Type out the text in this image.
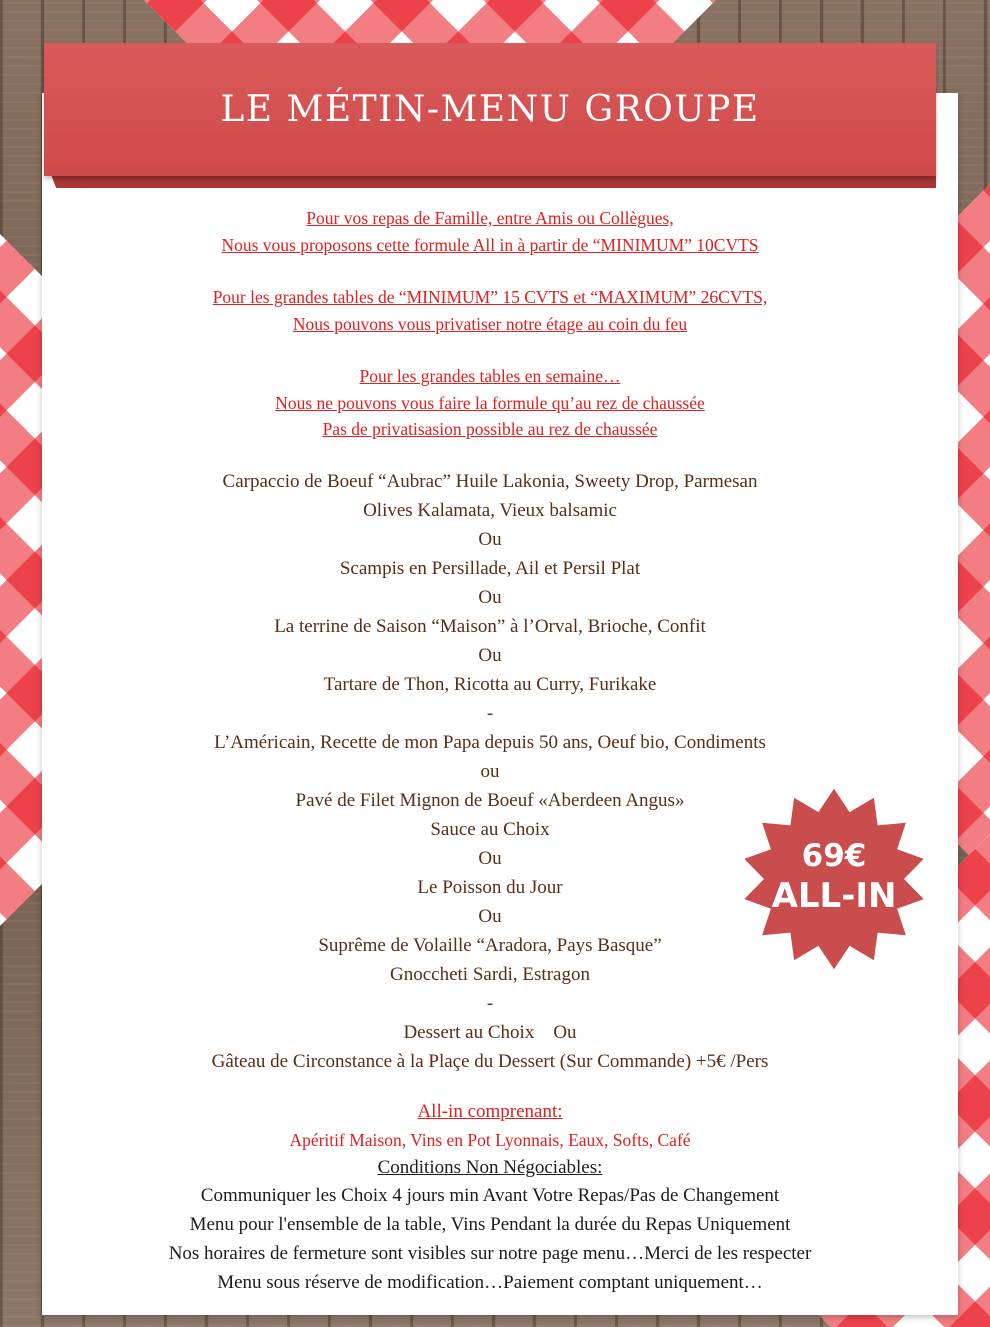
LE MÉTIN-MENU GROUPE

Pour vos repas de Famille, entre Amis ou Collègues,

Nous vous proposons cette formule All in à partir de “MINIMUM” 10CVTS

Pour les grandes tables de “MINIMUM” 15 CVTS et “MAXIMUM” 26CVTS,

Nous pouvons vous privatiser notre étage au coin du feu

Pour les grandes tables en semaine…

Nous ne pouvons vous faire la formule qu’au rez de chaussée

Pas de privatisasion possible au rez de chaussée

Carpaccio de Boeuf “Aubrac” Huile Lakonia, Sweety Drop, Parmesan

Olives Kalamata, Vieux balsamic

Ou

Scampis en Persillade, Ail et Persil Plat

Ou

La terrine de Saison “Maison” à l’Orval, Brioche, Confit

Ou

Tartare de Thon, Ricotta au Curry, Furikake

-

L’Américain, Recette de mon Papa depuis 50 ans, Oeuf bio, Condiments

ou

Pavé de Filet Mignon de Boeuf «Aberdeen Angus»

Sauce au Choix

Ou

Le Poisson du Jour

Ou

Suprême de Volaille “Aradora, Pays Basque”

Gnoccheti Sardi, Estragon

-

Dessert au Choix    Ou

Gâteau de Circonstance à la Plaçe du Dessert (Sur Commande) +5€ /Pers

All-in comprenant:

Apéritif Maison, Vins en Pot Lyonnais, Eaux, Softs, Café

Conditions Non Négociables:

Communiquer les Choix 4 jours min Avant Votre Repas/Pas de Changement

Menu pour l'ensemble de la table, Vins Pendant la durée du Repas Uniquement

Nos horaires de fermeture sont visibles sur notre page menu…Merci de les respecter

Menu sous réserve de modification…Paiement comptant uniquement…

69€
ALL-IN
